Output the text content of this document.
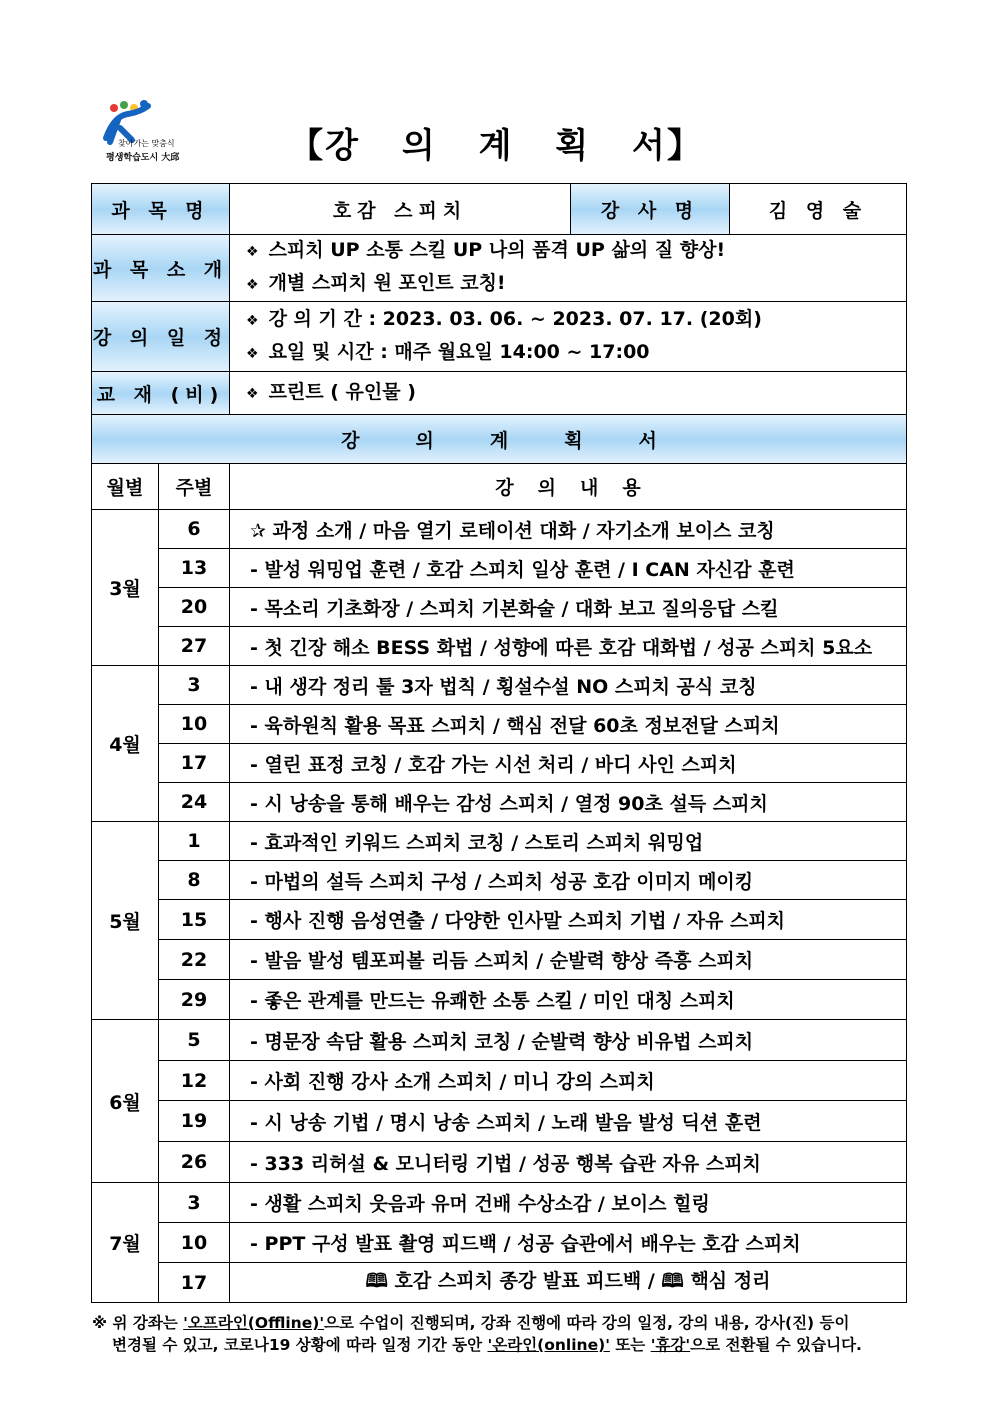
찾아가는 맞춤식
평생학습도시 大邱	【강 의 계 획 서】
과 목 명		호감 스피치	강 사 명	김 영 술
과 목 소 개		❖ 스피치 UP 소통 스킬 UP 나의 품격 UP 삶의 질 향상!
❖ 개별 스피치 원 포인트 코칭!		

강 의 일 정		❖ 강 의 기 간 : 2023. 03. 06. ~ 2023. 07. 17. (20회)
❖ 요일 및 시간 : 매주 월요일 14:00 ~ 17:00		

교 재 (비)		❖ 프린트 ( 유인물 )		
강 의 계 획 서				
월별	주별	강 의 내 용		
3월	6	✰ 과정 소개 / 마음 열기 로테이션 대화 / 자기소개 보이스 코칭		
	13	- 발성 워밍업 훈련 / 호감 스피치 일상 훈련 / I CAN 자신감 훈련		
	20	- 목소리 기초화장 / 스피치 기본화술 / 대화 보고 질의응답 스킬		
	27	- 첫 긴장 해소 BESS 화법 / 성향에 따른 호감 대화법 / 성공 스피치 5요소		
4월	3	- 내 생각 정리 툴 3자 법칙 / 횡설수설 NO 스피치 공식 코칭		
	10	- 육하원칙 활용 목표 스피치 / 핵심 전달 60초 정보전달 스피치		
	17	- 열린 표정 코칭 / 호감 가는 시선 처리 / 바디 사인 스피치		
	24	- 시 낭송을 통해 배우는 감성 스피치 / 열정 90초 설득 스피치		
5월	1	- 효과적인 키워드 스피치 코칭 / 스토리 스피치 워밍업		
	8	- 마법의 설득 스피치 구성 / 스피치 성공 호감 이미지 메이킹		
	15	- 행사 진행 음성연출 / 다양한 인사말 스피치 기법 / 자유 스피치		
	22	- 발음 발성 템포피볼 리듬 스피치 / 순발력 향상 즉흥 스피치		
	29	- 좋은 관계를 만드는 유쾌한 소통 스킬 / 미인 대칭 스피치		
6월	5	- 명문장 속담 활용 스피치 코칭 / 순발력 향상 비유법 스피치		
	12	- 사회 진행 강사 소개 스피치 / 미니 강의 스피치		
	19	- 시 낭송 기법 / 명시 낭송 스피치 / 노래 발음 발성 딕션 훈련		
	26	- 333 리허설 & 모니터링 기법 / 성공 행복 습관 자유 스피치		
7월	3	- 생활 스피치 웃음과 유머 건배 수상소감 / 보이스 힐링		
	10	- PPT 구성 발표 촬영 피드백 / 성공 습관에서 배우는 호감 스피치		
	17	🕮 호감 스피치 종강 발표 피드백 / 🕮 핵심 정리		
※ 위 강좌는 '오프라인(Offline)'으로 수업이 진행되며, 강좌 진행에 따라 강의 일정, 강의 내용, 강사(진) 등이
변경될 수 있고, 코로나19 상황에 따라 일정 기간 동안 '온라인(online)' 또는 '휴강'으로 전환될 수 있습니다.
